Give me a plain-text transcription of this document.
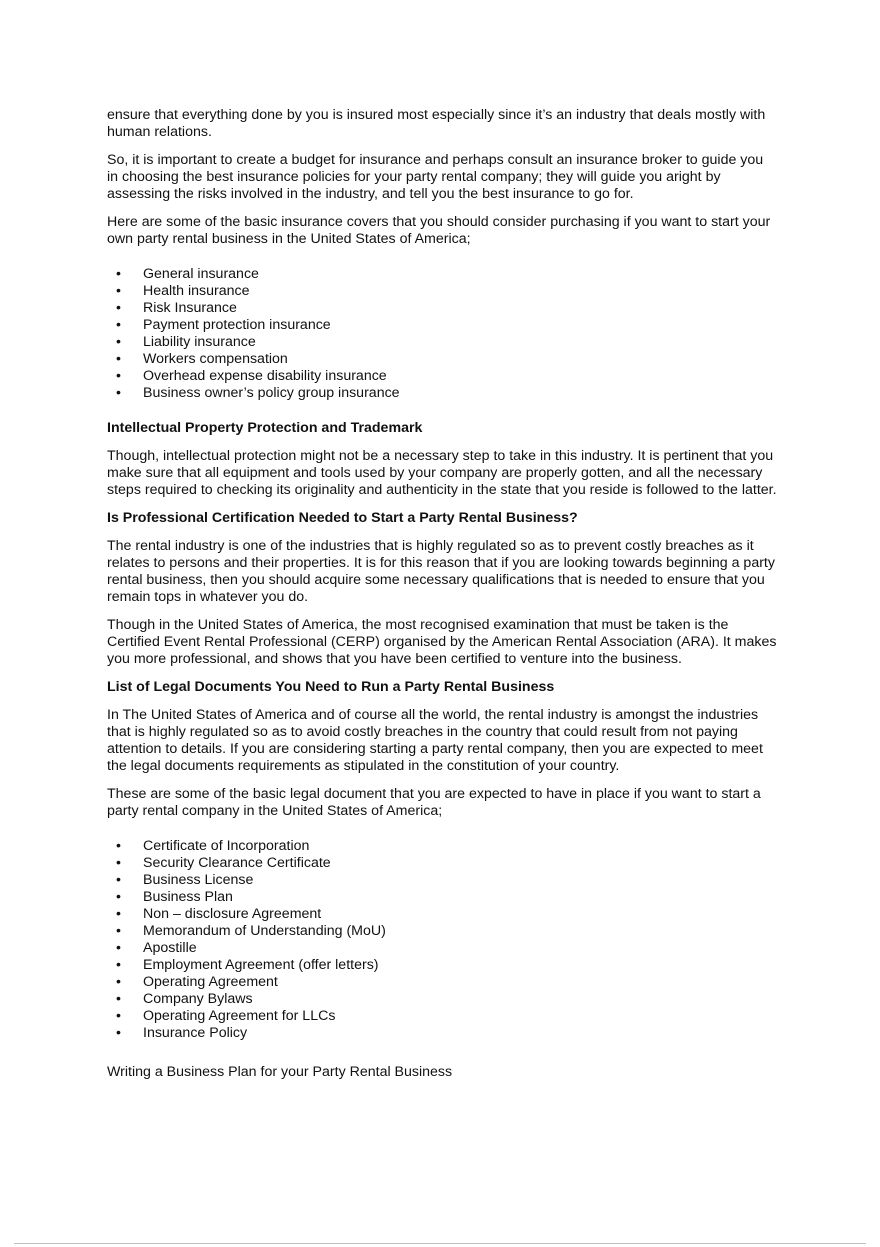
ensure that everything done by you is insured most especially since it’s an industry that deals mostly with human relations.

So, it is important to create a budget for insurance and perhaps consult an insurance broker to guide you in choosing the best insurance policies for your party rental company; they will guide you aright by assessing the risks involved in the industry, and tell you the best insurance to go for.

Here are some of the basic insurance covers that you should consider purchasing if you want to start your own party rental business in the United States of America;

• General insurance
• Health insurance
• Risk Insurance
• Payment protection insurance
• Liability insurance
• Workers compensation
• Overhead expense disability insurance
• Business owner’s policy group insurance
Intellectual Property Protection and Trademark

Though, intellectual protection might not be a necessary step to take in this industry. It is pertinent that you make sure that all equipment and tools used by your company are properly gotten, and all the necessary steps required to checking its originality and authenticity in the state that you reside is followed to the latter.

Is Professional Certification Needed to Start a Party Rental Business?

The rental industry is one of the industries that is highly regulated so as to prevent costly breaches as it relates to persons and their properties. It is for this reason that if you are looking towards beginning a party rental business, then you should acquire some necessary qualifications that is needed to ensure that you remain tops in whatever you do.

Though in the United States of America, the most recognised examination that must be taken is the Certified Event Rental Professional (CERP) organised by the American Rental Association (ARA). It makes you more professional, and shows that you have been certified to venture into the business.

List of Legal Documents You Need to Run a Party Rental Business

In The United States of America and of course all the world, the rental industry is amongst the industries that is highly regulated so as to avoid costly breaches in the country that could result from not paying attention to details. If you are considering starting a party rental company, then you are expected to meet the legal documents requirements as stipulated in the constitution of your country.

These are some of the basic legal document that you are expected to have in place if you want to start a party rental company in the United States of America;

• Certificate of Incorporation
• Security Clearance Certificate
• Business License
• Business Plan
• Non – disclosure Agreement
• Memorandum of Understanding (MoU)
• Apostille
• Employment Agreement (offer letters)
• Operating Agreement
• Company Bylaws
• Operating Agreement for LLCs
• Insurance Policy

Writing a Business Plan for your Party Rental Business
